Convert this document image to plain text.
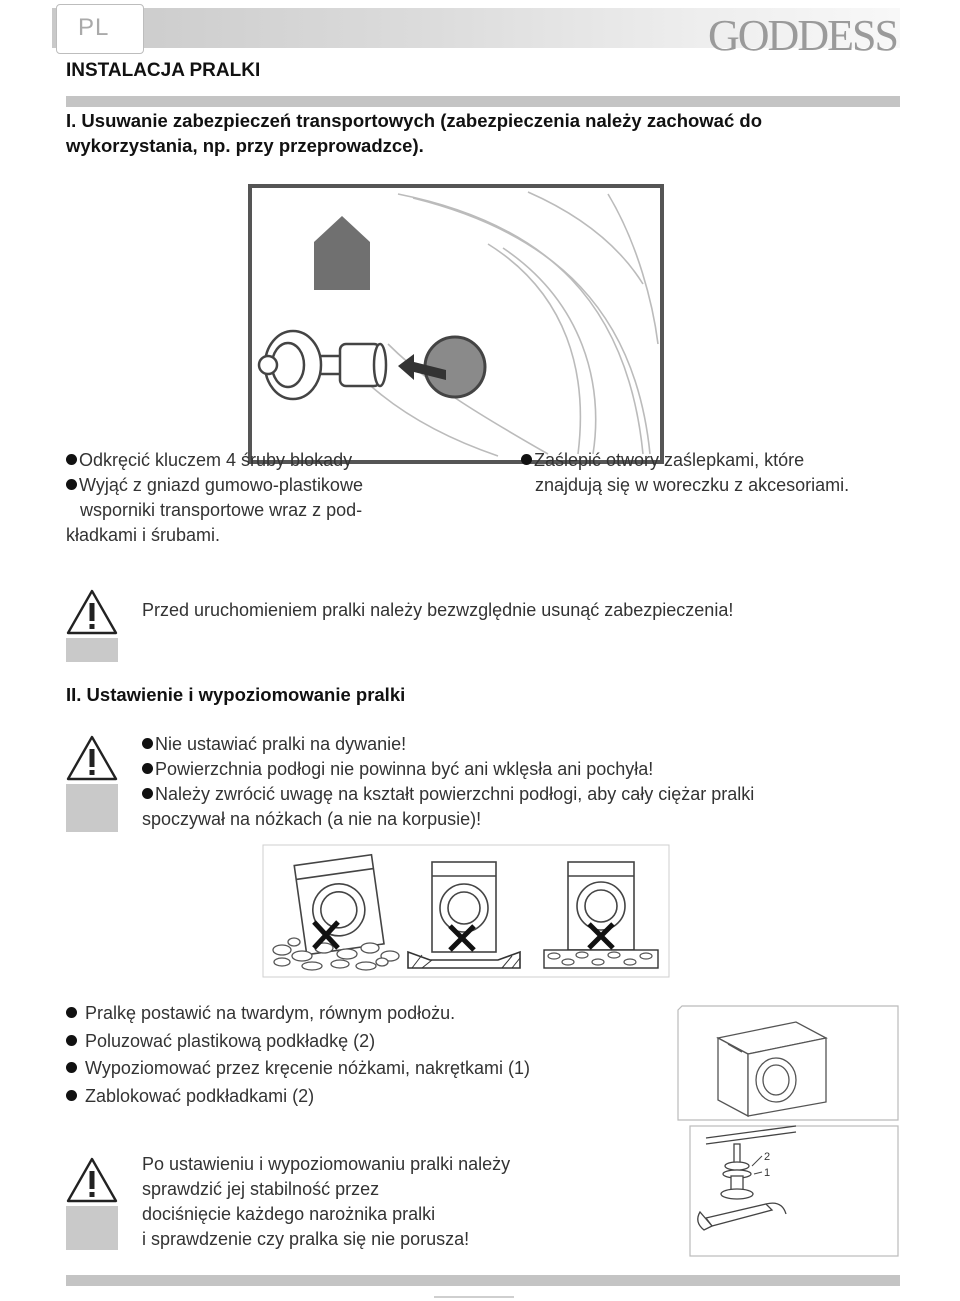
PL	GODDESS
INSTALACJA PRALKI
I. Usuwanie zabezpieczeń transportowych (zabezpieczenia należy zachować do
wykorzystania, np. przy przeprowadzce).
Odkręcić kluczem 4 śruby blokady
Wyjąć z gniazd gumowo-plastikowe
wsporniki transportowe wraz z pod-
kładkami i śrubami.
Zaślepić otwory zaślepkami, które
znajdują się w woreczku z akcesoriami.
Przed uruchomieniem pralki należy bezwzględnie usunąć zabezpieczenia!
II. Ustawienie i wypoziomowanie pralki
Nie ustawiać pralki na dywanie!
Powierzchnia podłogi nie powinna być ani wklęsła ani pochyła!
Należy zwrócić uwagę na kształt powierzchni podłogi, aby cały ciężar pralki
spoczywał na nóżkach (a nie na korpusie)!
Pralkę postawić na twardym, równym podłożu.
Poluzować plastikową podkładkę (2)
Wypoziomować przez kręcenie nóżkami, nakrętkami (1)
Zablokować podkładkami (2)
2
1
Po ustawieniu i wypoziomowaniu pralki należy
sprawdzić jej stabilność przez
dociśnięcie każdego narożnika pralki
i sprawdzenie czy pralka się nie porusza!
